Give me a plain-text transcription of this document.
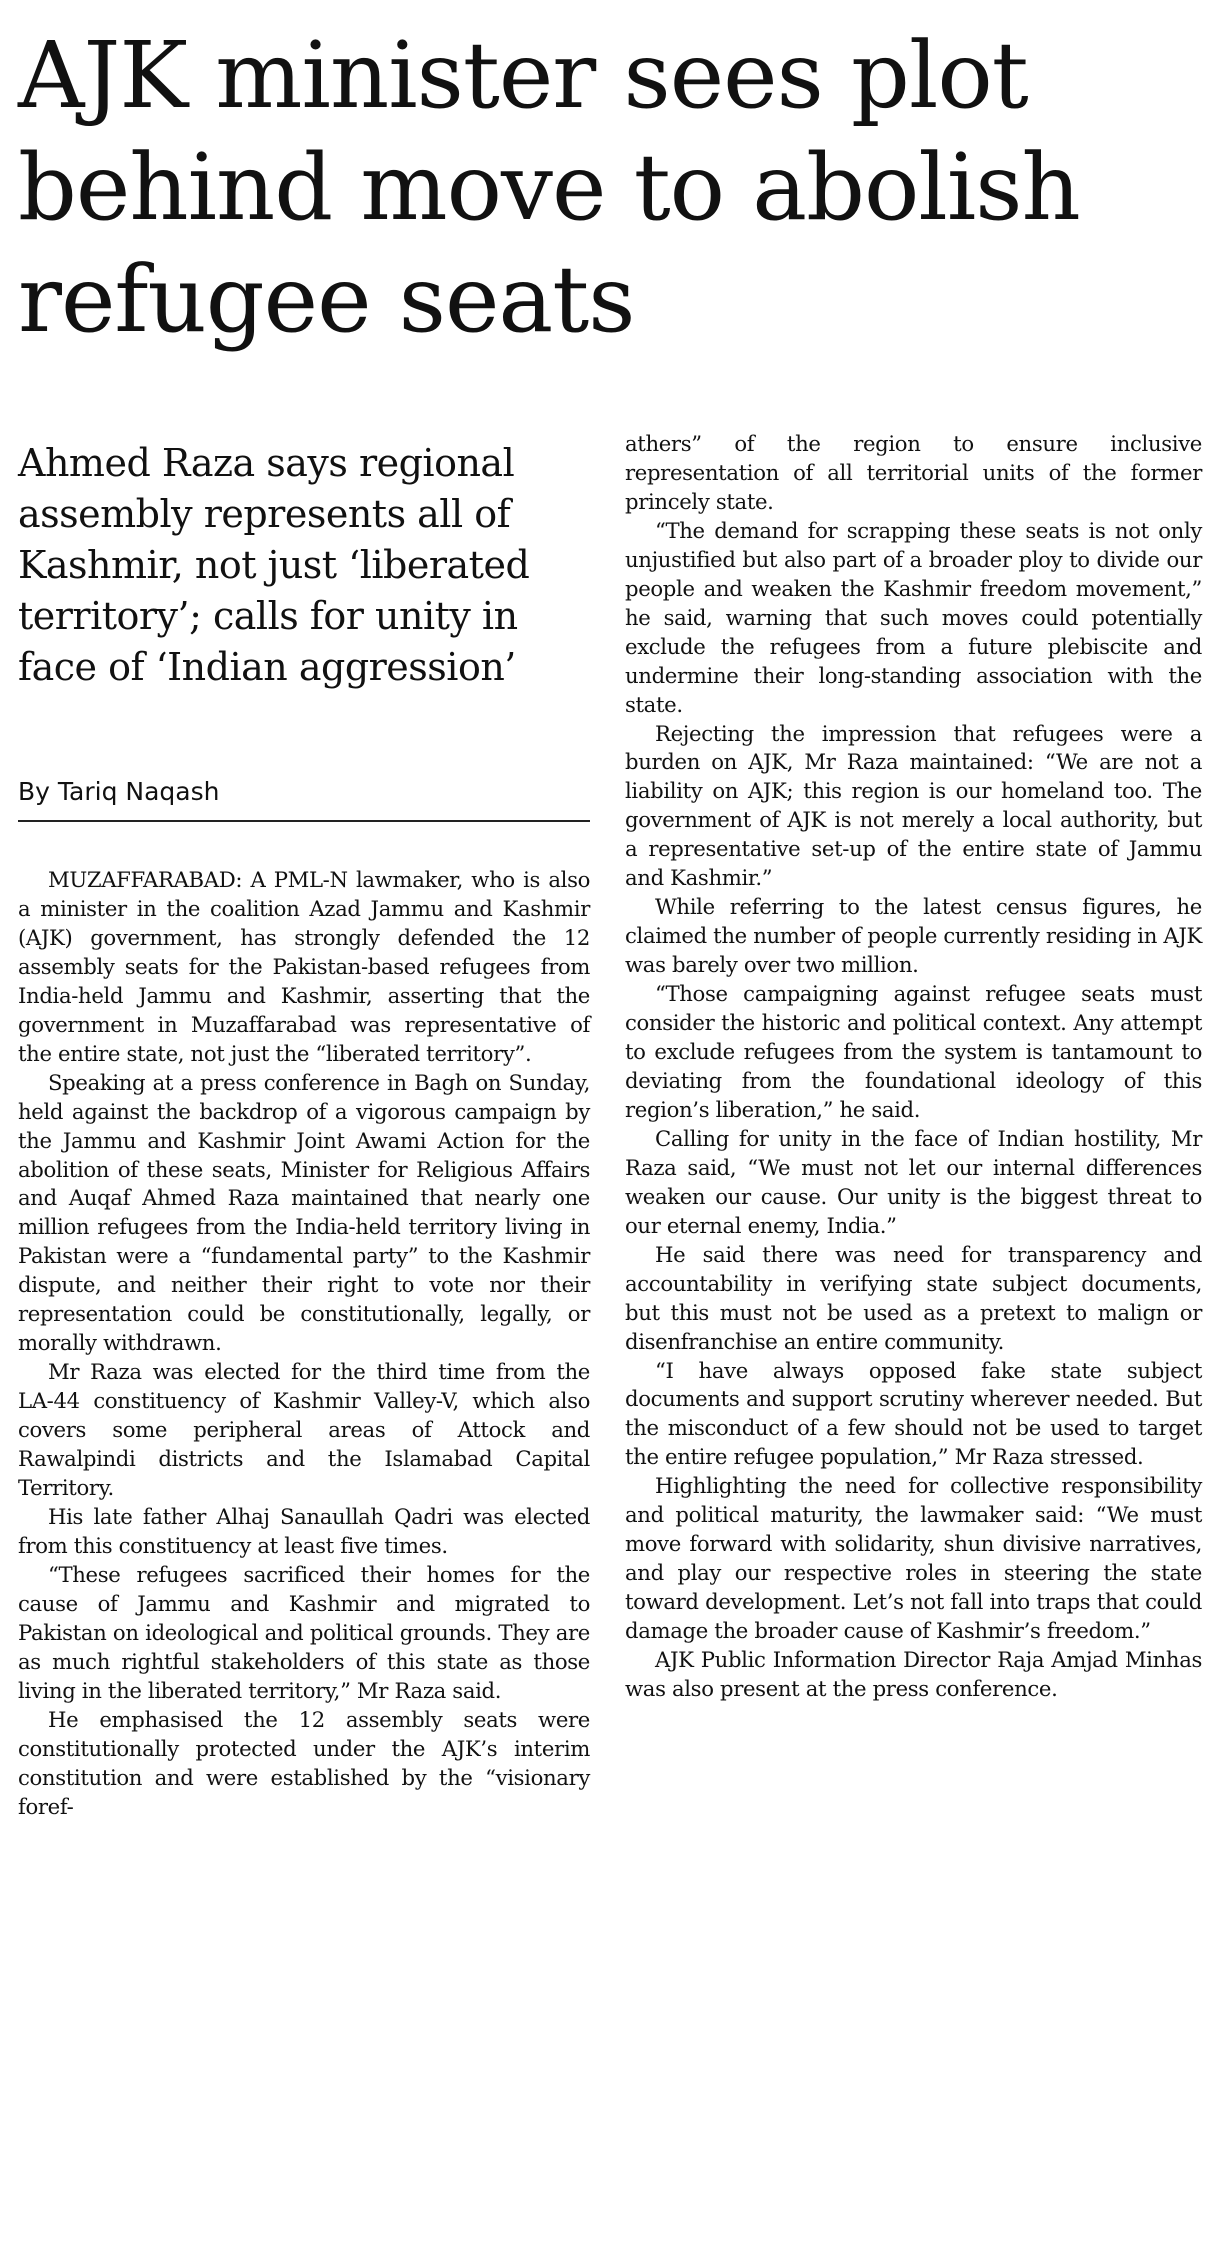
AJK minister sees plot behind move to abolish refugee seats
Ahmed Raza says regional assembly represents all of Kashmir, not just ‘liberated territory’; calls for unity in face of ‘Indian aggression’
By Tariq Naqash

MUZAFFARABAD: A PML-N lawmaker, who is also a minister in the coalition Azad Jammu and Kashmir (AJK) government, has strongly defended the 12 assembly seats for the Pakistan-based refugees from India-held Jammu and Kashmir, asserting that the government in Muzaffarabad was representative of the entire state, not just the “liberated territory”.

Speaking at a press conference in Bagh on Sunday, held against the backdrop of a vigorous campaign by the Jammu and Kashmir Joint Awami Action for the abolition of these seats, Minister for Religious Affairs and Auqaf Ahmed Raza maintained that nearly one million refugees from the India-held territory living in Pakistan were a “fundamental party” to the Kashmir dispute, and neither their right to vote nor their representation could be constitutionally, legally, or morally withdrawn.

Mr Raza was elected for the third time from the LA-44 constituency of Kashmir Valley-V, which also covers some peripheral areas of Attock and Rawalpindi districts and the Islamabad Capital Territory.

His late father Alhaj Sanaullah Qadri was elected from this constituency at least five times.

“These refugees sacrificed their homes for the cause of Jammu and Kashmir and migrated to Pakistan on ideological and political grounds. They are as much rightful stakeholders of this state as those living in the liberated territory,” Mr Raza said.

He emphasised the 12 assembly seats were constitutionally protected under the AJK’s interim constitution and were established by the “visionary foref-

athers” of the region to ensure inclusive representation of all territorial units of the former princely state.

“The demand for scrapping these seats is not only unjustified but also part of a broader ploy to divide our people and weaken the Kashmir freedom movement,” he said, warning that such moves could potentially exclude the refugees from a future plebiscite and undermine their long-standing association with the state.

Rejecting the impression that refugees were a burden on AJK, Mr Raza maintained: “We are not a liability on AJK; this region is our homeland too. The government of AJK is not merely a local authority, but a representative set-up of the entire state of Jammu and Kashmir.”

While referring to the latest census figures, he claimed the number of people currently residing in AJK was barely over two million.

“Those campaigning against refugee seats must consider the historic and political context. Any attempt to exclude refugees from the system is tantamount to deviating from the foundational ideology of this region’s liberation,” he said.

Calling for unity in the face of Indian hostility, Mr Raza said, “We must not let our internal differences weaken our cause. Our unity is the biggest threat to our eternal enemy, India.”

He said there was need for transparency and accountability in verifying state subject documents, but this must not be used as a pretext to malign or disenfranchise an entire community.

“I have always opposed fake state subject documents and support scrutiny wherever needed. But the misconduct of a few should not be used to target the entire refugee population,” Mr Raza stressed.

Highlighting the need for collective responsibility and political maturity, the lawmaker said: “We must move forward with solidarity, shun divisive narratives, and play our respective roles in steering the state toward development. Let’s not fall into traps that could damage the broader cause of Kashmir’s freedom.”

AJK Public Information Director Raja Amjad Minhas was also present at the press conference.
